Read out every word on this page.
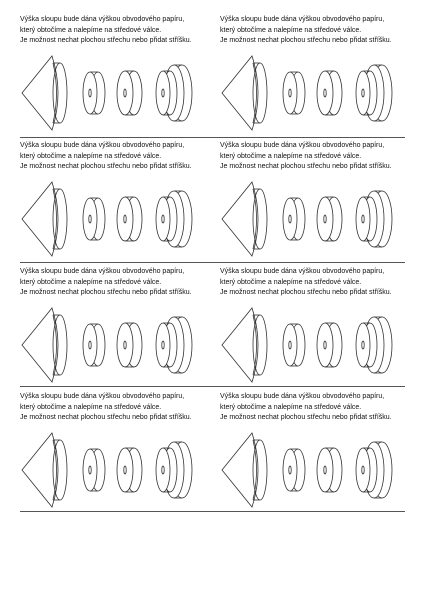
Výška sloupu bude dána výškou obvodového papíru,
který obtočíme a nalepíme na středové válce.
Je možnost nechat plochou střechu nebo přidat stříšku.
Výška sloupu bude dána výškou obvodového papíru,
který obtočíme a nalepíme na středové válce.
Je možnost nechat plochou střechu nebo přidat stříšku.
Výška sloupu bude dána výškou obvodového papíru,
který obtočíme a nalepíme na středové válce.
Je možnost nechat plochou střechu nebo přidat stříšku.
Výška sloupu bude dána výškou obvodového papíru,
který obtočíme a nalepíme na středové válce.
Je možnost nechat plochou střechu nebo přidat stříšku.
Výška sloupu bude dána výškou obvodového papíru,
který obtočíme a nalepíme na středové válce.
Je možnost nechat plochou střechu nebo přidat stříšku.
Výška sloupu bude dána výškou obvodového papíru,
který obtočíme a nalepíme na středové válce.
Je možnost nechat plochou střechu nebo přidat stříšku.
Výška sloupu bude dána výškou obvodového papíru,
který obtočíme a nalepíme na středové válce.
Je možnost nechat plochou střechu nebo přidat stříšku.
Výška sloupu bude dána výškou obvodového papíru,
který obtočíme a nalepíme na středové válce.
Je možnost nechat plochou střechu nebo přidat stříšku.
